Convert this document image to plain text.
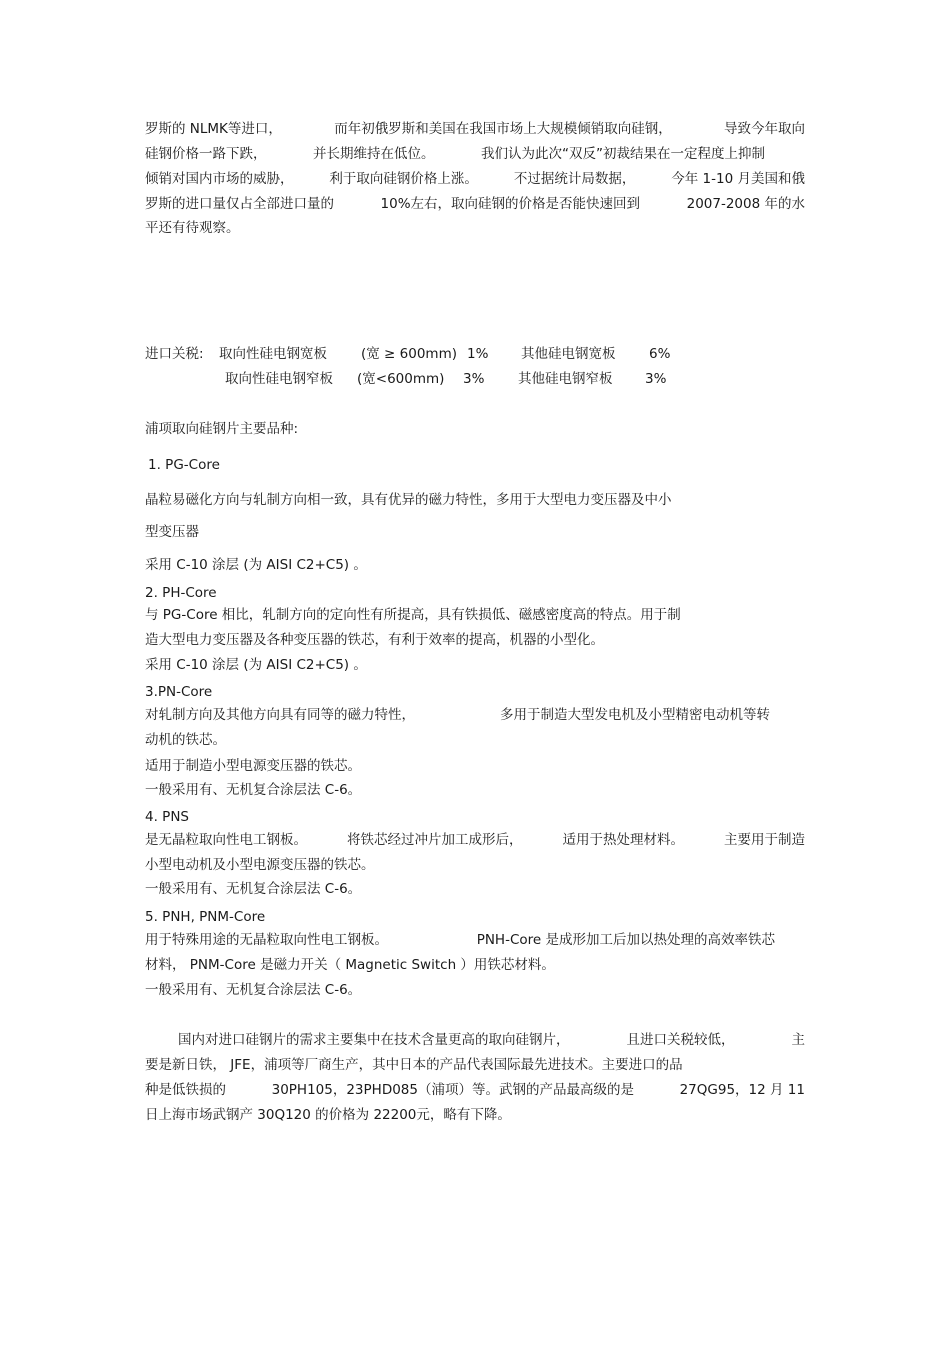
罗斯的 NLMK等进口，	而年初俄罗斯和美国在我国市场上大规模倾销取向硅钢，	导致今年取向
硅钢价格一路下跌，	并长期维持在低位。	我们认为此次“双反”初裁结果在一定程度上抑制
倾销对国内市场的威胁，	利于取向硅钢价格上涨。	不过据统计局数据，	今年 1-10 月美国和俄
罗斯的进口量仅占全部进口量的	10%左右，取向硅钢的价格是否能快速回到	2007-2008 年的水
平还有待观察。
进口关税: 取向性硅电钢宽板	(宽 ≥ 600mm) 1% 其他硅电钢宽板 6%
取向性硅电钢窄板 (宽<600mm) 3% 其他硅电钢窄板 3%
浦项取向硅钢片主要品种:
1. PG-Core
晶粒易磁化方向与轧制方向相一致，具有优异的磁力特性，多用于大型电力变压器及中小
型变压器
采用 C-10 涂层 (为 AISI C2+C5) 。
2. PH-Core
与 PG-Core 相比，轧制方向的定向性有所提高，具有铁损低、磁感密度高的特点。用于制
造大型电力变压器及各种变压器的铁芯，有利于效率的提高，机器的小型化。
采用 C-10 涂层 (为 AISI C2+C5) 。
3.PN-Core
对轧制方向及其他方向具有同等的磁力特性，	多用于制造大型发电机及小型精密电动机等转
动机的铁芯。
适用于制造小型电源变压器的铁芯。
一般采用有、无机复合涂层法 C-6。
4. PNS
是无晶粒取向性电工钢板。	将铁芯经过冲片加工成形后，	适用于热处理材料。	主要用于制造
小型电动机及小型电源变压器的铁芯。
一般采用有、无机复合涂层法 C-6。
5. PNH, PNM-Core
用于特殊用途的无晶粒取向性电工钢板。	PNH-Core 是成形加工后加以热处理的高效率铁芯
材料， PNM-Core 是磁力开关（ Magnetic Switch ）用铁芯材料。
一般采用有、无机复合涂层法 C-6。
国内对进口硅钢片的需求主要集中在技术含量更高的取向硅钢片，	且进口关税较低，	主
要是新日铁， JFE，浦项等厂商生产，其中日本的产品代表国际最先进技术。主要进口的品
种是低铁损的	30PH105，23PHD085（浦项）等。武钢的产品最高级的是	27QG95，12 月 11
日上海市场武钢产 30Q120 的价格为 22200元，略有下降。
